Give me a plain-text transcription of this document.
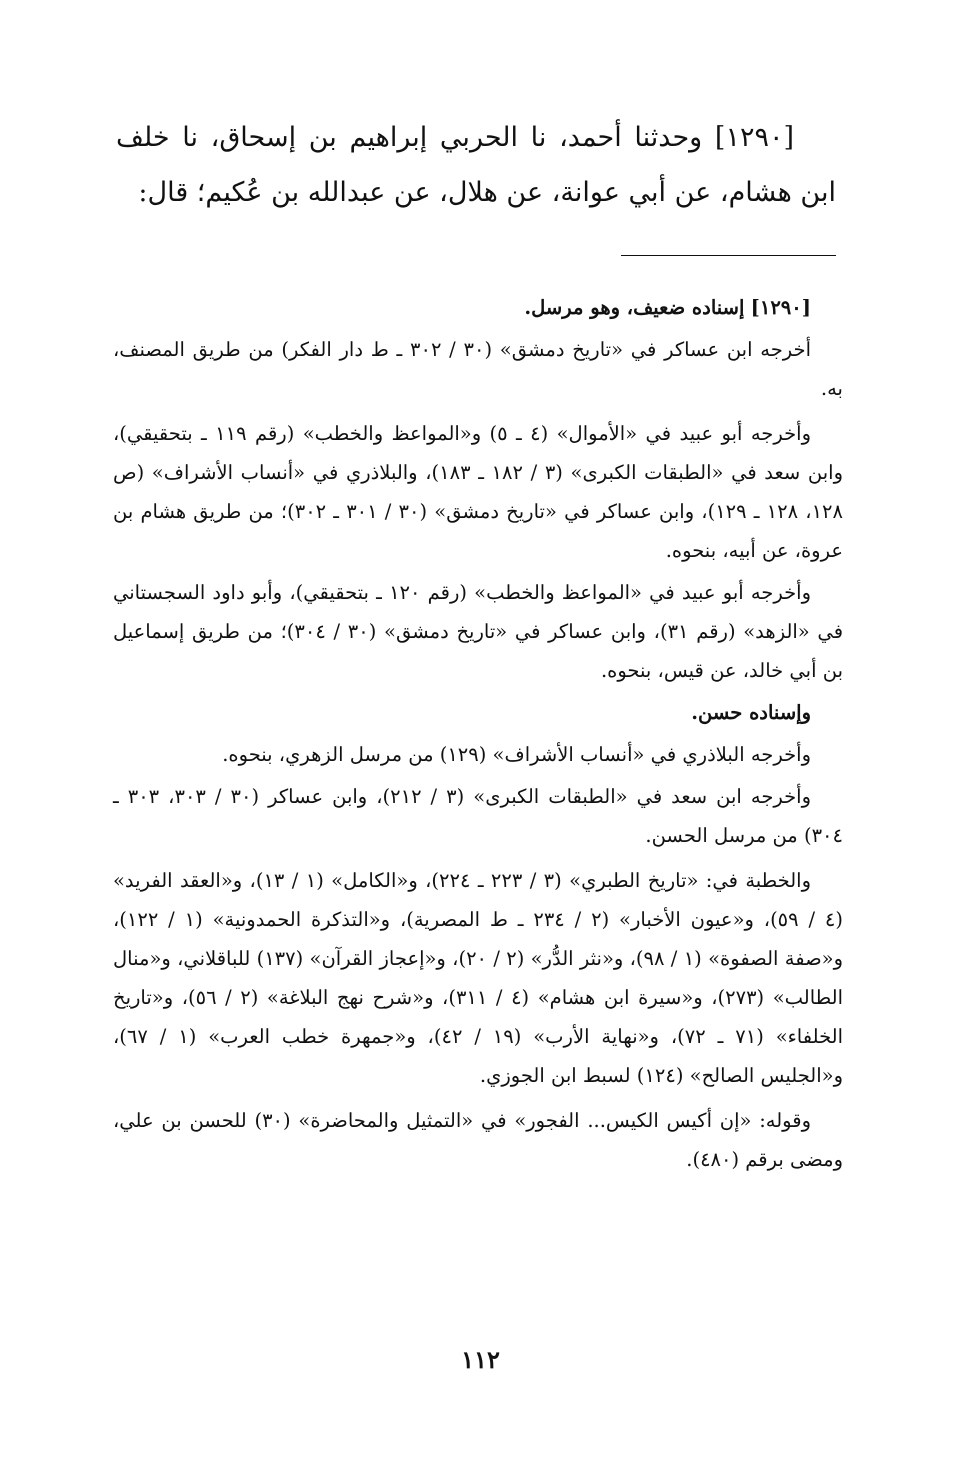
[١٢٩٠] وحدثنا أحمد، نا الحربي إبراهيم بن إسحاق، نا خلف ابن هشام، عن أبي عوانة، عن هلال، عن عبدالله بن عُكيم؛ قال:

[١٢٩٠] إسناده ضعيف، وهو مرسل.

أخرجه ابن عساكر في «تاريخ دمشق» (٣٠ / ٣٠٢ ـ ط دار الفكر) من طريق المصنف، به.

وأخرجه أبو عبيد في «الأموال» (٤ ـ ٥) و«المواعظ والخطب» (رقم ١١٩ ـ بتحقيقي)، وابن سعد في «الطبقات الكبرى» (٣ / ١٨٢ ـ ١٨٣)، والبلاذري في «أنساب الأشراف» (ص ١٢٨، ١٢٨ ـ ١٢٩)، وابن عساكر في «تاريخ دمشق» (٣٠ / ٣٠١ ـ ٣٠٢)؛ من طريق هشام بن عروة، عن أبيه، بنحوه.

وأخرجه أبو عبيد في «المواعظ والخطب» (رقم ١٢٠ ـ بتحقيقي)، وأبو داود السجستاني في «الزهد» (رقم ٣١)، وابن عساكر في «تاريخ دمشق» (٣٠ / ٣٠٤)؛ من طريق إسماعيل بن أبي خالد، عن قيس، بنحوه.

وإسناده حسن.

وأخرجه البلاذري في «أنساب الأشراف» (١٢٩) من مرسل الزهري، بنحوه.

وأخرجه ابن سعد في «الطبقات الكبرى» (٣ / ٢١٢)، وابن عساكر (٣٠ / ٣٠٣، ٣٠٣ ـ ٣٠٤) من مرسل الحسن.

والخطبة في: «تاريخ الطبري» (٣ / ٢٢٣ ـ ٢٢٤)، و«الكامل» (١ / ١٣)، و«العقد الفريد» (٤ / ٥٩)، و«عيون الأخبار» (٢ / ٢٣٤ ـ ط المصرية)، و«التذكرة الحمدونية» (١ / ١٢٢)، و«صفة الصفوة» (١ / ٩٨)، و«نثر الدُّر» (٢ / ٢٠)، و«إعجاز القرآن» (١٣٧) للباقلاني، و«منال الطالب» (٢٧٣)، و«سيرة ابن هشام» (٤ / ٣١١)، و«شرح نهج البلاغة» (٢ / ٥٦)، و«تاريخ الخلفاء» (٧١ ـ ٧٢)، و«نهاية الأرب» (١٩ / ٤٢)، و«جمهرة خطب العرب» (١ / ٦٧)، و«الجليس الصالح» (١٢٤) لسبط ابن الجوزي.

وقوله: «إن أكيس الكيس... الفجور» في «التمثيل والمحاضرة» (٣٠) للحسن بن علي، ومضى برقم (٤٨٠).

١١٢
